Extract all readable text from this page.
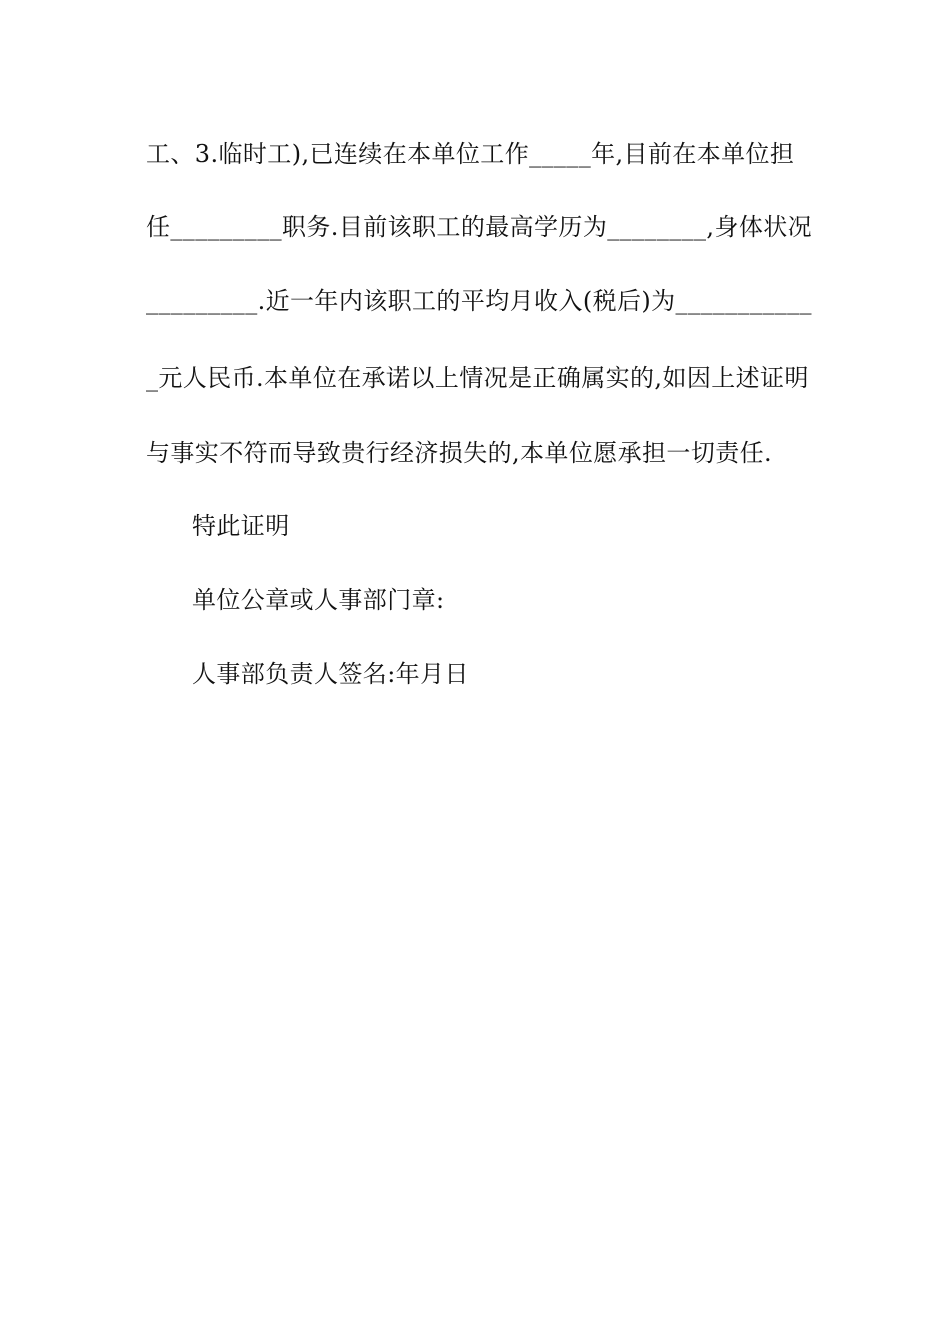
工、3.临时工),已连续在本单位工作_____年,目前在本单位担
任_________职务.目前该职工的最高学历为________,身体状况
_________.近一年内该职工的平均月收入(税后)为___________
_元人民币.本单位在承诺以上情况是正确属实的,如因上述证明
与事实不符而导致贵行经济损失的,本单位愿承担一切责任.
特此证明
单位公章或人事部门章:
人事部负责人签名:年月日
